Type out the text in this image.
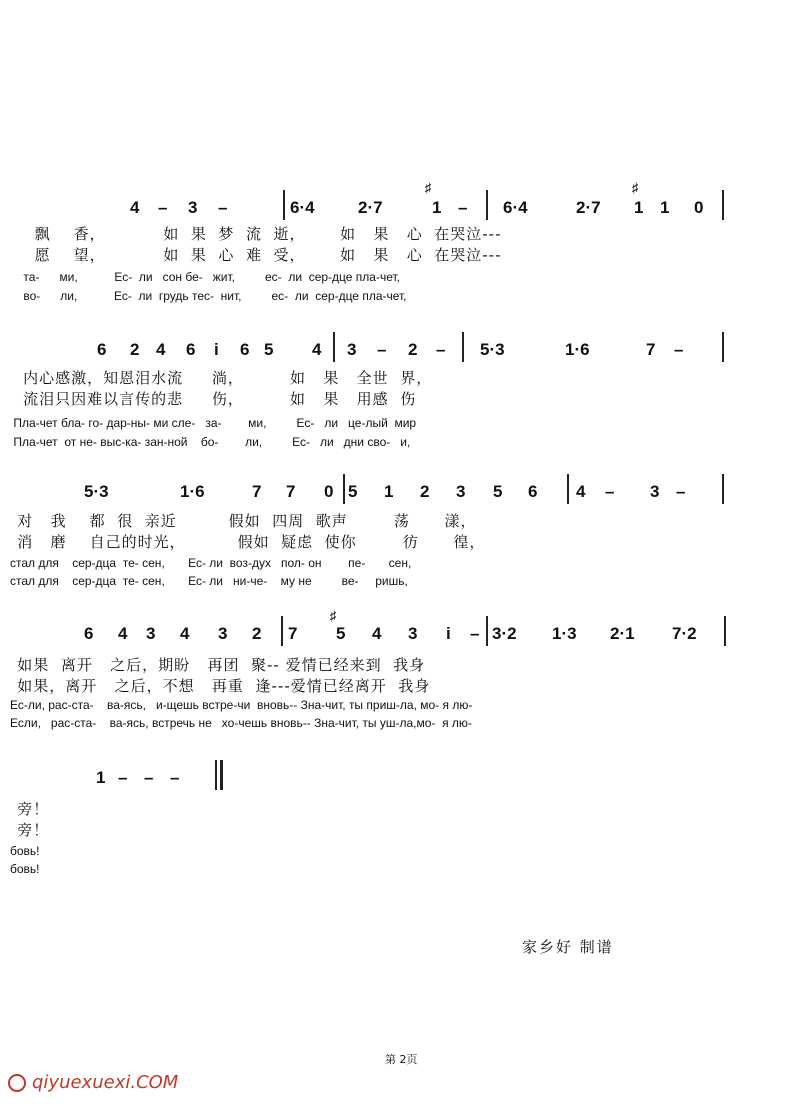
4 – 3 –	6·4	2·7
♯
1 – 6·4	2·7
♯
1 1 0
飘    香，          如  果  梦  流  逝，      如   果   心  在哭泣‑‑‑
愿    望，          如  果  心  难  受，      如   果   心  在哭泣‑‑‑
та-      ми,           Ес-  ли   сон бе-   жит,         ес-  ли  сер-дце пла-чет,
во-      ли,           Ес-  ли  грудь тес-  нит,         ес-  ли  сер-дце пла-чет,
6 2 4 6 i 6 5 4 3 – 2 – 5·3	1·6	7 –
内心感激，知恩泪水流     淌，        如   果   全世  界，
流泪只因难以言传的悲     伤，        如   果   用感  伤
Пла-чет бла- го- дар-ны- ми сле-   за-        ми,         Ес-   ли   це-лый  мир
Пла-чет  от не- выс-ка- зан-ной    бо-        ли,         Ес-   ли   дни сво-   и,
5·3	1·6	7 7 0 5 1 2 3 5 6 4 – 3 –
对   我    都  很  亲近         假如  四周  歌声        荡      漾，
消   磨    自己的时光，         假如  疑虑  使你        彷      徨，
стал для    сер-дца  те- сен,       Ес- ли  воз-дух   пол- он        пе-       сен,
стал для    сер-дца  те- сен,       Ес- ли   ни-че-    му не         ве-     ришь,
6 4 3 4 3 2 7
♯
5 4 3 i – 3·2 1·3 2·1 7·2
如果  离开   之后，期盼   再团  聚‑‑ 爱情已经来到  我身
如果，离开   之后，不想   再重  逢‑‑‑爱情已经离开  我身
Ес-ли, рас-ста-    ва-ясь,   и-щешь встре-чи  вновь-- Зна-чит, ты приш-ла, мо- я лю-
Если,   рас-ста-    ва-ясь, встречь не   хо-чешь вновь-- Зна-чит, ты уш-ла,мо-  я лю-
1 – – –
旁！
旁！
бовь!
бовь!
家乡好 制谱
第 2页
qiyuexuexi.COM
